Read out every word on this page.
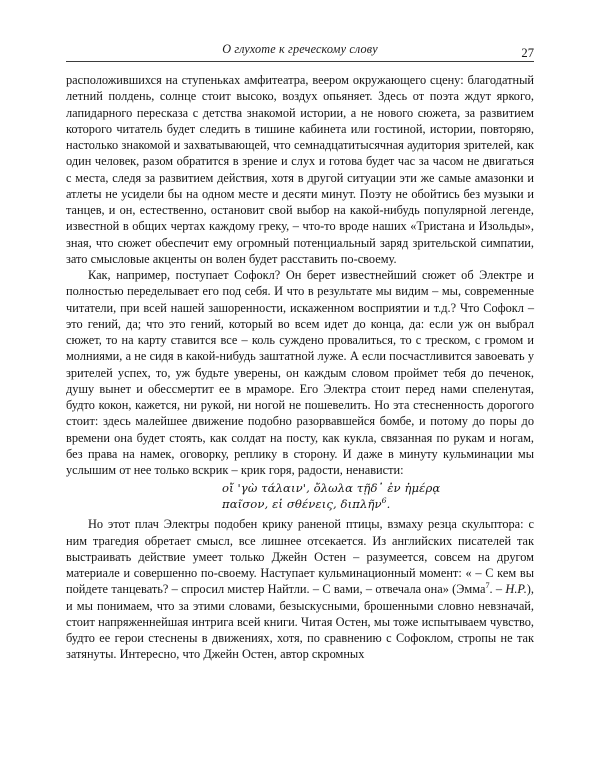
О глухоте к греческому слову	27

расположившихся на ступеньках амфитеатра, веером окружающего сцену: благодатный летний полдень, солнце стоит высоко, воздух опьяняет. Здесь от поэта ждут яркого, лапидарного пересказа с детства знакомой истории, а не нового сюжета, за развитием которого читатель будет следить в тишине кабинета или гостиной, истории, повторяю, настолько знакомой и захватывающей, что семнадцатитысячная аудитория зрителей, как один человек, разом обратится в зрение и слух и готова будет час за часом не двигаться с места, следя за развитием действия, хотя в другой ситуации эти же самые амазонки и атлеты не усидели бы на одном месте и десяти минут. Поэту не обойтись без музыки и танцев, и он, естественно, остановит свой выбор на какой-нибудь популярной легенде, известной в общих чертах каждому греку, – что-то вроде наших «Тристана и Изольды», зная, что сюжет обеспечит ему огромный потенциальный заряд зрительской симпатии, зато смысловые акценты он волен будет расставить по-своему.

Как, например, поступает Софокл? Он берет известнейший сюжет об Электре и полностью переделывает его под себя. И что в результате мы видим – мы, современные читатели, при всей нашей зашоренности, искаженном восприятии и т.д.? Что Софокл – это гений, да; что это гений, который во всем идет до конца, да: если уж он выбрал сюжет, то на карту ставится все – коль суждено провалиться, то с треском, с громом и молниями, а не сидя в какой-нибудь заштатной луже. А если посчастливится завоевать у зрителей успех, то, уж будьте уверены, он каждым словом проймет тебя до печенок, душу вынет и обессмертит ее в мраморе. Его Электра стоит перед нами спеленутая, будто кокон, кажется, ни рукой, ни ногой не пошевелить. Но эта стесненность дорогого стоит: здесь малейшее движение подобно разорвавшейся бомбе, и потому до поры до времени она будет стоять, как солдат на посту, как кукла, связанная по рукам и ногам, без права на намек, оговорку, реплику в сторону. И даже в минуту кульминации мы услышим от нее только вскрик – крик горя, радости, ненависти:

οἴ 'γὼ τάλαιν', ὄλωλα τῇδ᾽ ἐν ἡμέρᾳ
παῖσον, εἰ σθένεις, διπλῆν$^6$.

Но этот плач Электры подобен крику раненой птицы, взмаху резца скульптора: с ним трагедия обретает смысл, все лишнее отсекается. Из английских писателей так выстраивать действие умеет только Джейн Остен – разумеется, совсем на другом материале и совершенно по-своему. Наступает кульминационный момент: « – С кем вы пойдете танцевать? – спросил мистер Найтли. – С вами, – отвечала она» (Эмма$^7$. – Н.Р.), и мы понимаем, что за этими словами, безыскусными, брошенными словно невзначай, стоит напряженнейшая интрига всей книги. Читая Остен, мы тоже испытываем чувство, будто ее герои стеснены в движениях, хотя, по сравнению с Софоклом, стропы не так затянуты. Интересно, что Джейн Остен, автор скромных
